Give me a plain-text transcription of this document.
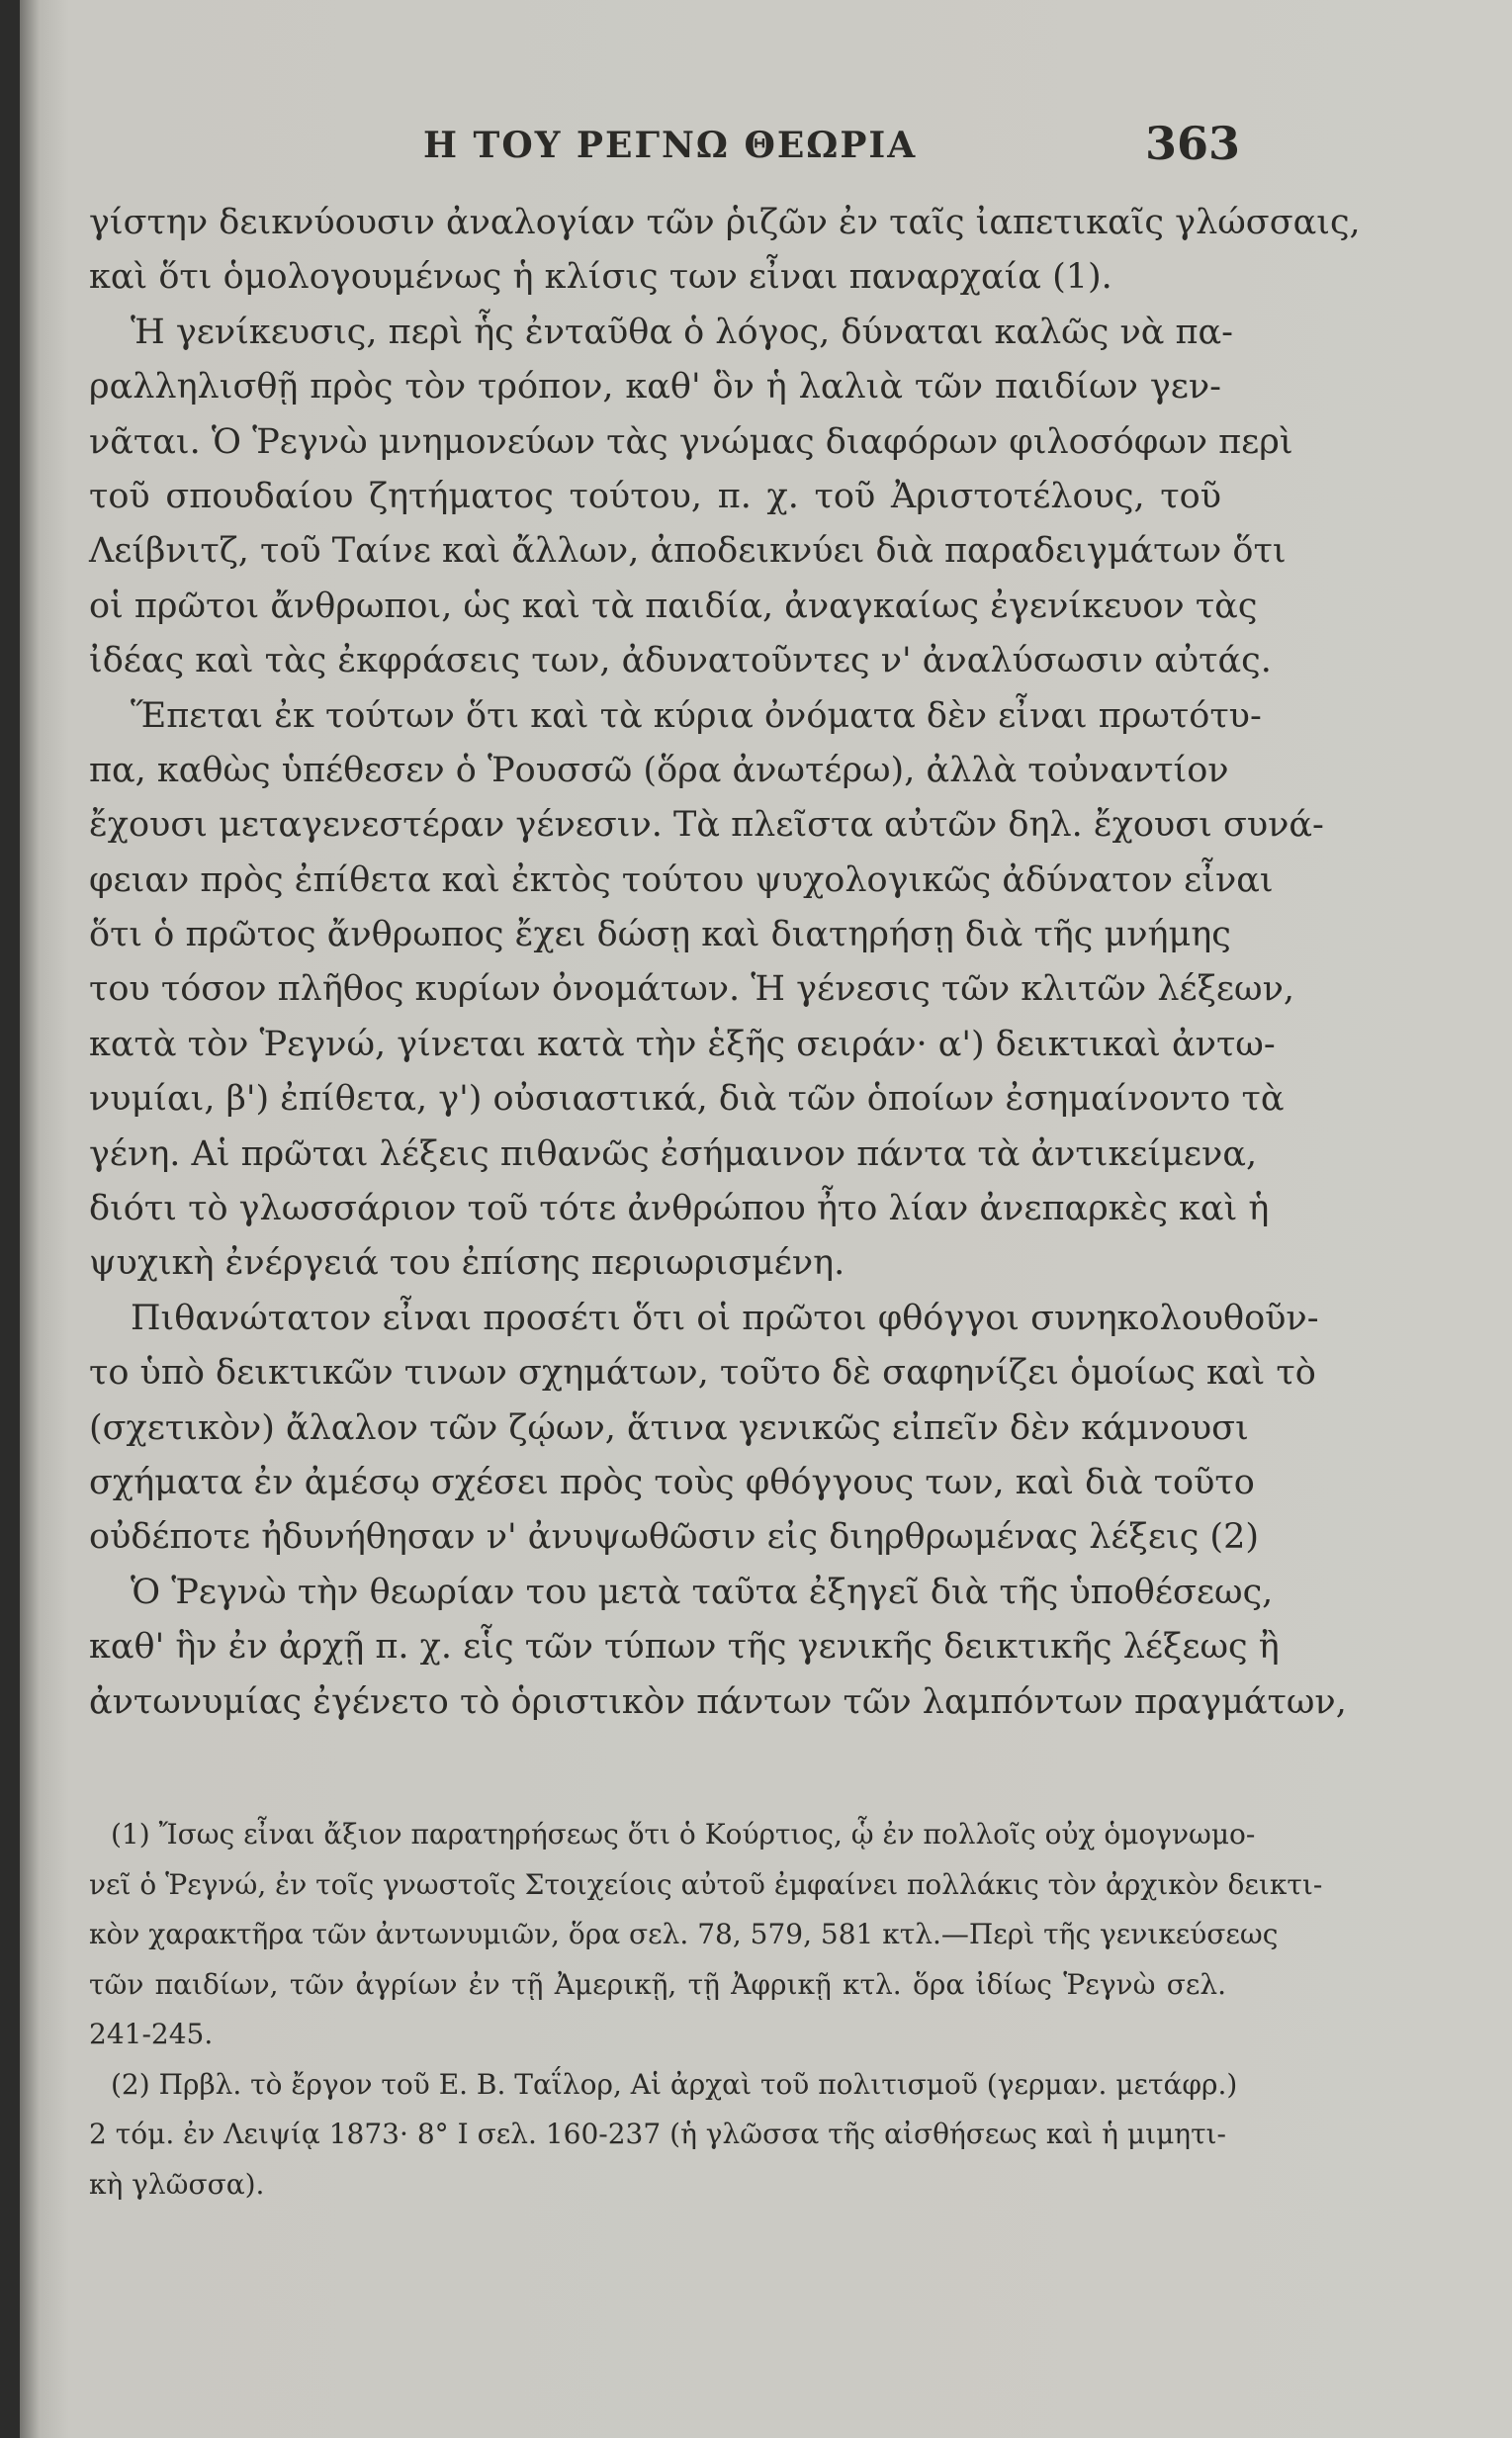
Η ΤΟΥ ΡΕΓΝΩ ΘΕΩΡΙΑ	363
γίστην δεικνύουσιν ἀναλογίαν τῶν ῥιζῶν ἐν ταῖς ἰαπετικαῖς γλώσσαις,
καὶ ὅτι ὁμολογουμένως ἡ κλίσις των εἶναι παναρχαία (1).
Ἡ γενίκευσις, περὶ ἧς ἐνταῦθα ὁ λόγος, δύναται καλῶς νὰ πα-
ραλληλισθῇ πρὸς τὸν τρόπον, καθ' ὃν ἡ λαλιὰ τῶν παιδίων γεν-
νᾶται. Ὁ Ῥεγνὼ μνημονεύων τὰς γνώμας διαφόρων φιλοσόφων περὶ
τοῦ σπουδαίου ζητήματος τούτου, π. χ. τοῦ Ἀριστοτέλους, τοῦ
Λείβνιτζ, τοῦ Ταίνε καὶ ἄλλων, ἀποδεικνύει διὰ παραδειγμάτων ὅτι
οἱ πρῶτοι ἄνθρωποι, ὡς καὶ τὰ παιδία, ἀναγκαίως ἐγενίκευον τὰς
ἰδέας καὶ τὰς ἐκφράσεις των, ἀδυνατοῦντες ν' ἀναλύσωσιν αὐτάς.
Ἕπεται ἐκ τούτων ὅτι καὶ τὰ κύρια ὀνόματα δὲν εἶναι πρωτότυ-
πα, καθὼς ὑπέθεσεν ὁ Ῥουσσῶ (ὅρα ἀνωτέρω), ἀλλὰ τοὐναντίον
ἔχουσι μεταγενεστέραν γένεσιν. Τὰ πλεῖστα αὐτῶν δηλ. ἔχουσι συνά-
φειαν πρὸς ἐπίθετα καὶ ἐκτὸς τούτου ψυχολογικῶς ἀδύνατον εἶναι
ὅτι ὁ πρῶτος ἄνθρωπος ἔχει δώσῃ καὶ διατηρήσῃ διὰ τῆς μνήμης
του τόσον πλῆθος κυρίων ὀνομάτων. Ἡ γένεσις τῶν κλιτῶν λέξεων,
κατὰ τὸν Ῥεγνώ, γίνεται κατὰ τὴν ἑξῆς σειράν· α') δεικτικαὶ ἀντω-
νυμίαι, β') ἐπίθετα, γ') οὐσιαστικά, διὰ τῶν ὁποίων ἐσημαίνοντο τὰ
γένη. Αἱ πρῶται λέξεις πιθανῶς ἐσήμαινον πάντα τὰ ἀντικείμενα,
διότι τὸ γλωσσάριον τοῦ τότε ἀνθρώπου ἦτο λίαν ἀνεπαρκὲς καὶ ἡ
ψυχικὴ ἐνέργειά του ἐπίσης περιωρισμένη.
Πιθανώτατον εἶναι προσέτι ὅτι οἱ πρῶτοι φθόγγοι συνηκολουθοῦν-
το ὑπὸ δεικτικῶν τινων σχημάτων, τοῦτο δὲ σαφηνίζει ὁμοίως καὶ τὸ
(σχετικὸν) ἄλαλον τῶν ζῴων, ἅτινα γενικῶς εἰπεῖν δὲν κάμνουσι
σχήματα ἐν ἀμέσῳ σχέσει πρὸς τοὺς φθόγγους των, καὶ διὰ τοῦτο
οὐδέποτε ἠδυνήθησαν ν' ἀνυψωθῶσιν εἰς διηρθρωμένας λέξεις (2)
Ὁ Ῥεγνὼ τὴν θεωρίαν του μετὰ ταῦτα ἐξηγεῖ διὰ τῆς ὑποθέσεως,
καθ' ἣν ἐν ἀρχῇ π. χ. εἷς τῶν τύπων τῆς γενικῆς δεικτικῆς λέξεως ἢ
ἀντωνυμίας ἐγένετο τὸ ὁριστικὸν πάντων τῶν λαμπόντων πραγμάτων,
(1) Ἴσως εἶναι ἄξιον παρατηρήσεως ὅτι ὁ Κούρτιος, ᾧ ἐν πολλοῖς οὐχ ὁμογνωμο-
νεῖ ὁ Ῥεγνώ, ἐν τοῖς γνωστοῖς Στοιχείοις αὐτοῦ ἐμφαίνει πολλάκις τὸν ἀρχικὸν δεικτι-
κὸν χαρακτῆρα τῶν ἀντωνυμιῶν, ὅρα σελ. 78, 579, 581 κτλ.—Περὶ τῆς γενικεύσεως
τῶν παιδίων, τῶν ἀγρίων ἐν τῇ Ἀμερικῇ, τῇ Ἀφρικῇ κτλ. ὅρα ἰδίως Ῥεγνὼ σελ.
241-245.
(2) Πρβλ. τὸ ἔργον τοῦ Ε. Β. Ταΐλορ, Αἱ ἀρχαὶ τοῦ πολιτισμοῦ (γερμαν. μετάφρ.)
2 τόμ. ἐν Λειψίᾳ 1873· 8° Ι σελ. 160-237 (ἡ γλῶσσα τῆς αἰσθήσεως καὶ ἡ μιμητι-
κὴ γλῶσσα).
